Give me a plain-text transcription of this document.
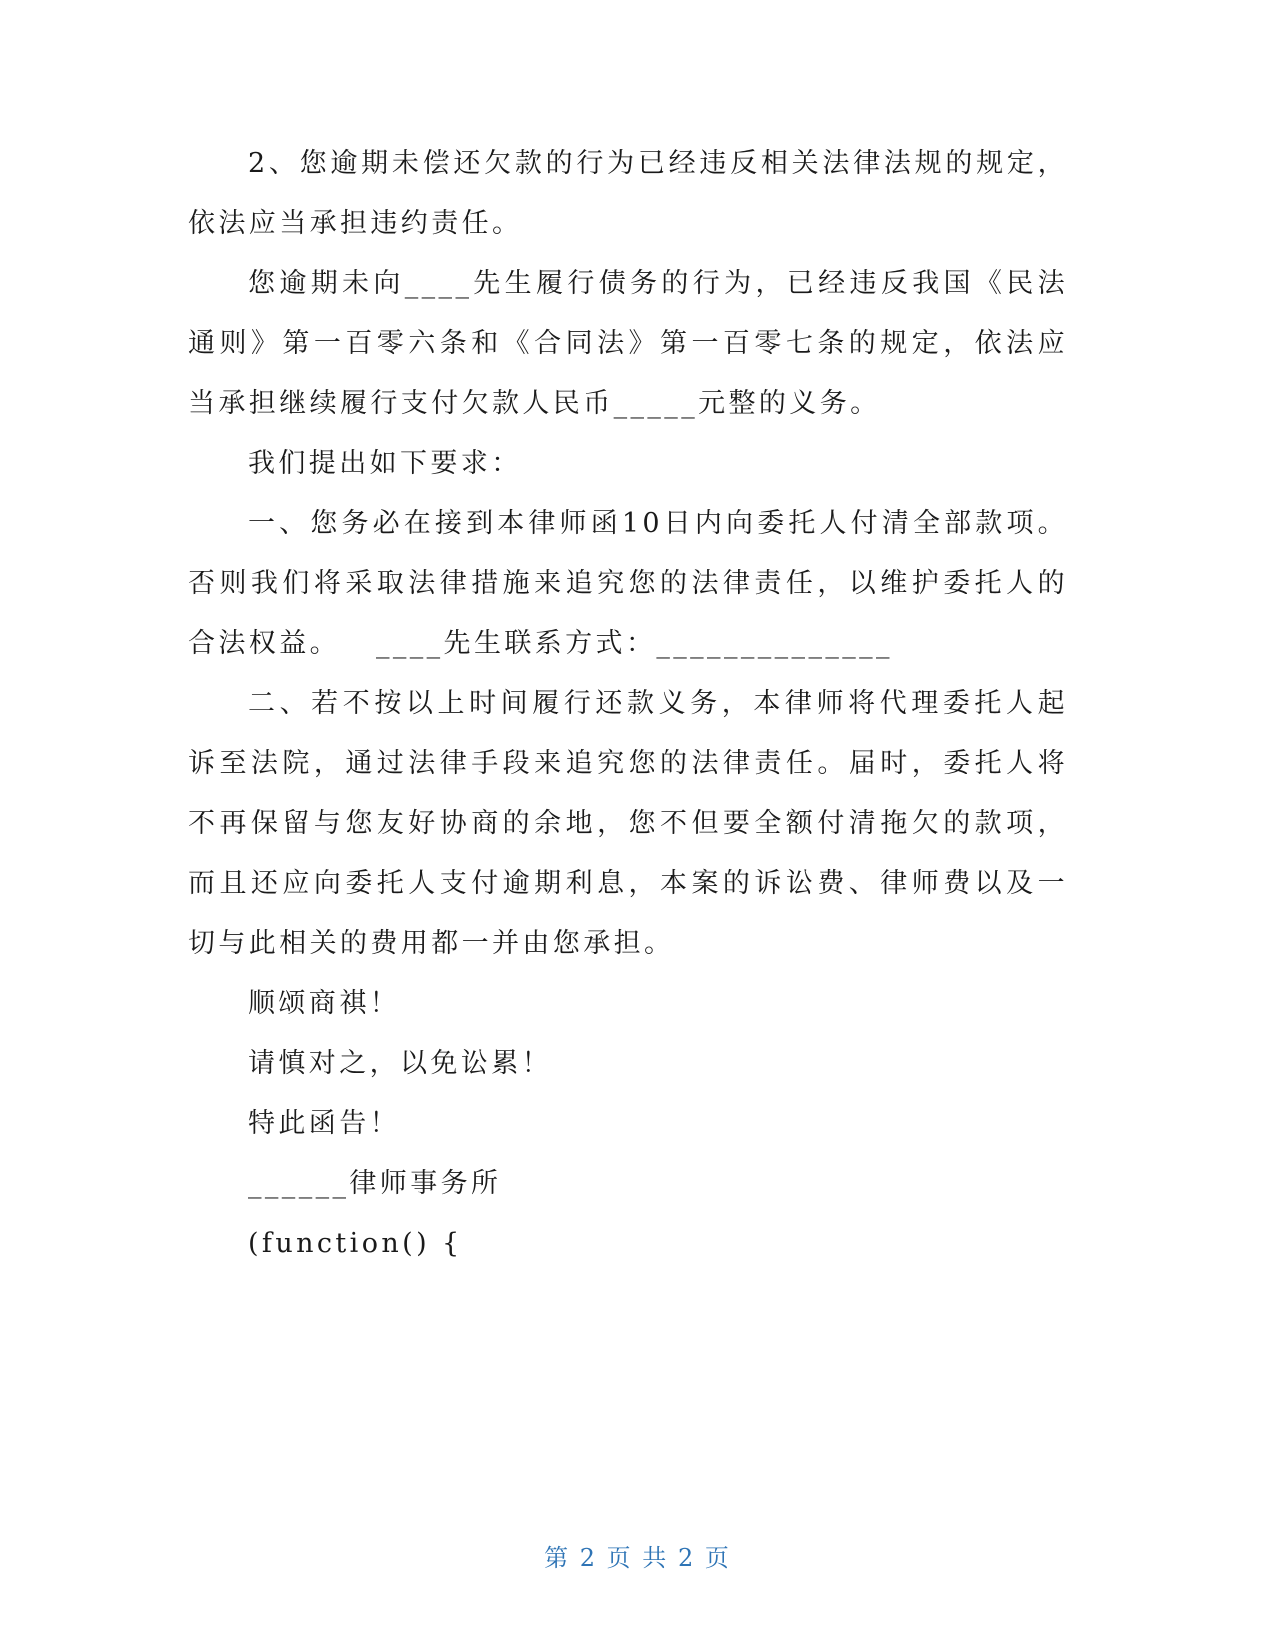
2、您逾期未偿还欠款的行为已经违反相关法律法规的规定，依法应当承担违约责任。

您逾期未向____先生履行债务的行为，已经违反我国《民法通则》第一百零六条和《合同法》第一百零七条的规定，依法应当承担继续履行支付欠款人民币_____元整的义务。

我们提出如下要求：

一、您务必在接到本律师函10日内向委托人付清全部款项。否则我们将采取法律措施来追究您的法律责任，以维护委托人的合法权益。   ____先生联系方式：______________

二、若不按以上时间履行还款义务，本律师将代理委托人起诉至法院，通过法律手段来追究您的法律责任。届时，委托人将不再保留与您友好协商的余地，您不但要全额付清拖欠的款项，而且还应向委托人支付逾期利息，本案的诉讼费、律师费以及一切与此相关的费用都一并由您承担。

顺颂商祺！

请慎对之，以免讼累！

特此函告！

______律师事务所

(function() {

第 2 页 共 2 页
